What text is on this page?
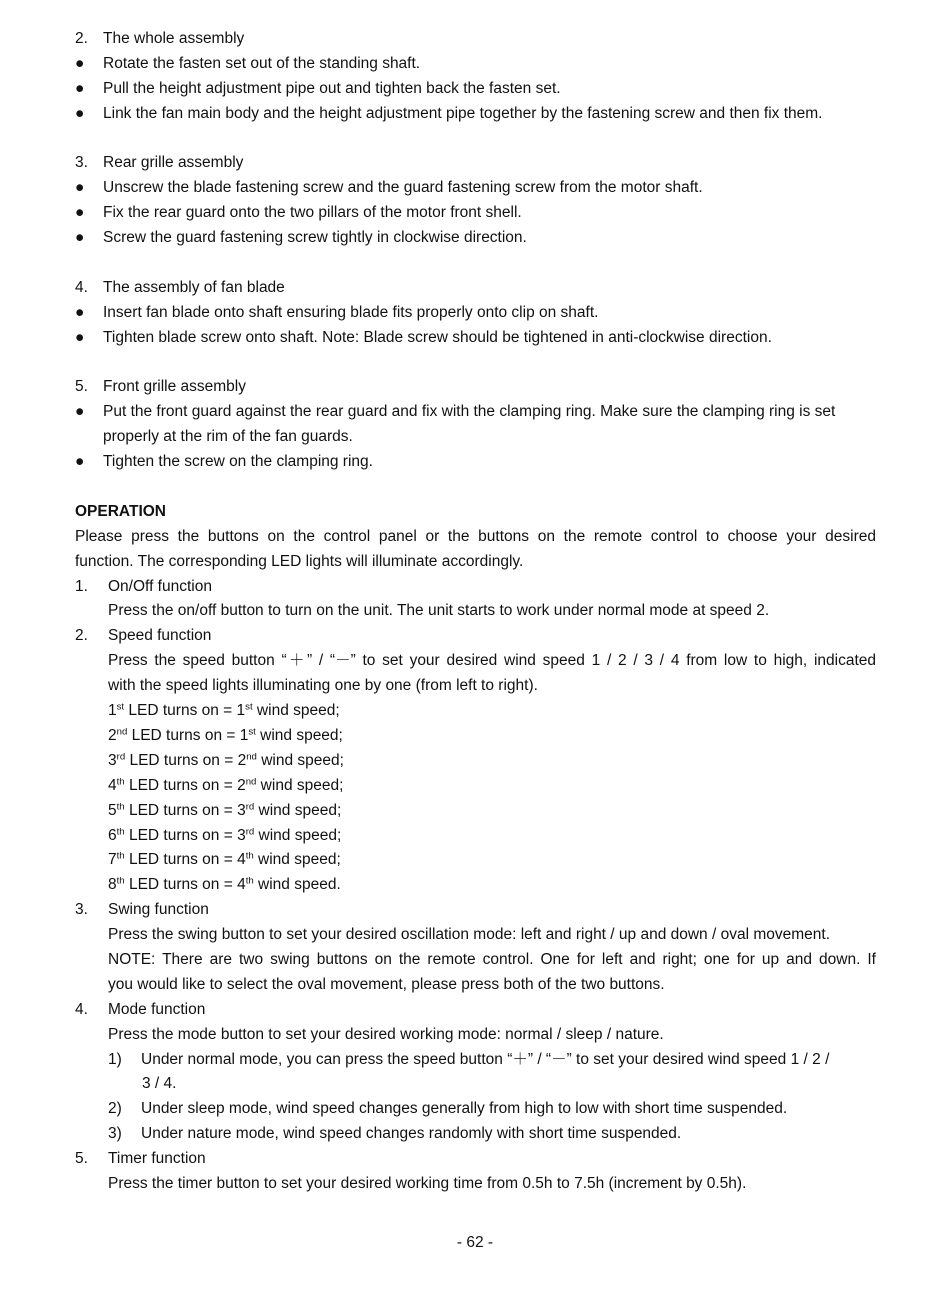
2. The whole assembly
● Rotate the fasten set out of the standing shaft.
● Pull the height adjustment pipe out and tighten back the fasten set.
● Link the fan main body and the height adjustment pipe together by the fastening screw and then fix them.
3. Rear grille assembly
● Unscrew the blade fastening screw and the guard fastening screw from the motor shaft.
● Fix the rear guard onto the two pillars of the motor front shell.
● Screw the guard fastening screw tightly in clockwise direction.
4. The assembly of fan blade
● Insert fan blade onto shaft ensuring blade fits properly onto clip on shaft.
● Tighten blade screw onto shaft. Note: Blade screw should be tightened in anti-clockwise direction.
5. Front grille assembly
● Put the front guard against the rear guard and fix with the clamping ring. Make sure the clamping ring is set
properly at the rim of the fan guards.
● Tighten the screw on the clamping ring.
OPERATION
Please press the buttons on the control panel or the buttons on the remote control to choose your desired
function. The corresponding LED lights will illuminate accordingly.
1. On/Off function
Press the on/off button to turn on the unit. The unit starts to work under normal mode at speed 2.
2. Speed function
Press the speed button “＋” / “－” to set your desired wind speed 1 / 2 / 3 / 4 from low to high, indicated
with the speed lights illuminating one by one (from left to right).
1st LED turns on = 1st wind speed;
2nd LED turns on = 1st wind speed;
3rd LED turns on = 2nd wind speed;
4th LED turns on = 2nd wind speed;
5th LED turns on = 3rd wind speed;
6th LED turns on = 3rd wind speed;
7th LED turns on = 4th wind speed;
8th LED turns on = 4th wind speed.
3. Swing function
Press the swing button to set your desired oscillation mode: left and right / up and down / oval movement.
NOTE: There are two swing buttons on the remote control. One for left and right; one for up and down. If
you would like to select the oval movement, please press both of the two buttons.
4. Mode function
Press the mode button to set your desired working mode: normal / sleep / nature.
1) Under normal mode, you can press the speed button “＋” / “－” to set your desired wind speed 1 / 2 /
3 / 4.
2) Under sleep mode, wind speed changes generally from high to low with short time suspended.
3) Under nature mode, wind speed changes randomly with short time suspended.
5. Timer function
Press the timer button to set your desired working time from 0.5h to 7.5h (increment by 0.5h).
- 62 -
